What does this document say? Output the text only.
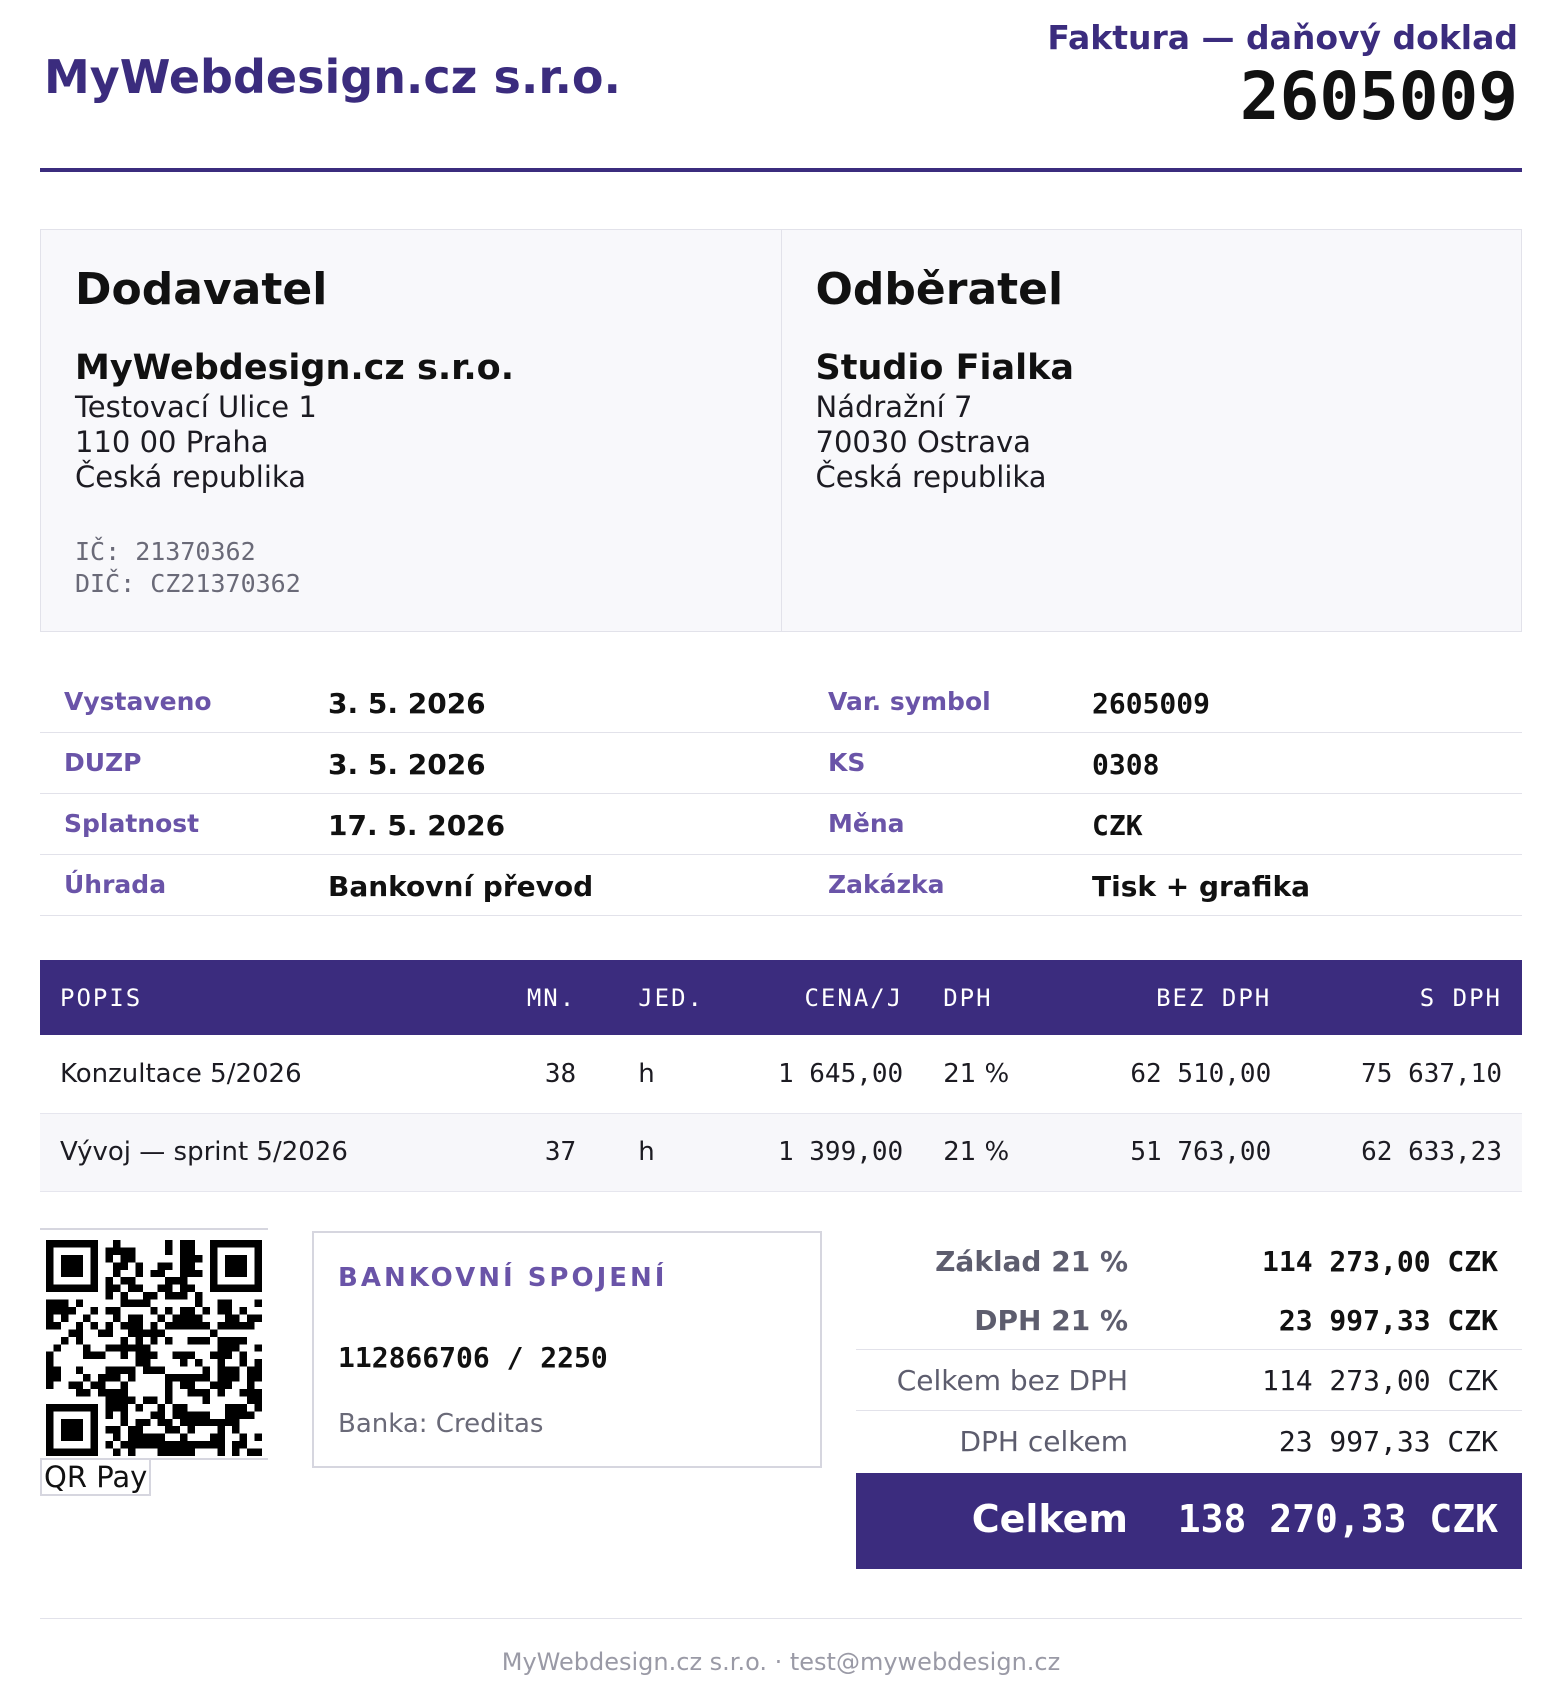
MyWebdesign.cz s.r.o.
Faktura — daňový doklad
2605009
Dodavatel
MyWebdesign.cz s.r.o.
Testovací Ulice 1
110 00 Praha
Česká republika
IČ: 21370362
DIČ: CZ21370362
Odběratel
Studio Fialka
Nádražní 7
70030 Ostrava
Česká republika
Vystaveno	3. 5. 2026	Var. symbol	2605009
DUZP	3. 5. 2026	KS	0308
Splatnost	17. 5. 2026	Měna	CZK
Úhrada	Bankovní převod	Zakázka	Tisk + grafika
POPIS	MN.	JED.	CENA/J	DPH	BEZ DPH	S DPH
Konzultace 5/2026	38	h	1 645,00	21 %	62 510,00	75 637,10
Vývoj — sprint 5/2026	37	h	1 399,00	21 %	51 763,00	62 633,23
QR Pay
BANKOVNÍ SPOJENÍ
112866706 / 2250
Banka: Creditas
Základ 21 %	114 273,00 CZK
DPH 21 %	23 997,33 CZK
Celkem bez DPH	114 273,00 CZK
DPH celkem	23 997,33 CZK
Celkem 138 270,33 CZK
MyWebdesign.cz s.r.o. · test@mywebdesign.cz
